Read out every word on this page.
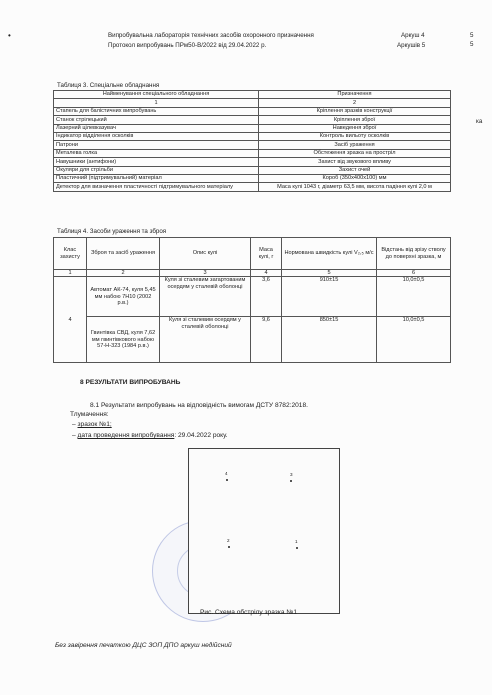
•	5
5
ка
Випробувальна лабораторія технічних засобів охоронного призначення
Протокол випробувань ПРм50-В/2022 від 29.04.2022 р.
Аркуш 4
Аркушів 5
Таблиця 3. Спеціальне обладнання
Найменування спеціального обладнання	Призначення
1	2
Стапель для балістичних випробувань	Кріплення зразків конструкції
Станок стрілецький	Кріплення зброї
Лазерний цілевказувач	Наведення зброї
Індикатор відділення осколків	Контроль вильоту осколків
Патрони	Засіб ураження
Металева голка	Обстеження зразка на простріл
Навушники (антифони)	Захист від звукового впливу
Окуляри для стрільби	Захист очей
Пластичний (підтримувальний) матеріал	Короб (350х400х100) мм
Детектор для визначення пластичності підтримувального матеріалу	Маса кулі 1043 г, діаметр 63,5 мм, висота падіння кулі 2,0 м
Таблиця 4. Засоби ураження та зброя
Клас захисту	Зброя та засіб ураження	Опис кулі	Маса кулі, г	Нормована швидкість кулі V₂,₅ м/с	Відстань від зрізу стволу до поверхні зразка, м
1	2	3	4	5	6
4	Автомат АК-74, куля 5,45 мм набою 7Н10 (2002 р.в.)	Куля зі сталевим загартованим осердям у сталевій оболонці	3,6	910±15	10,0±0,5
	Гвинтівка СВД, куля 7,62 мм гвинтівкового набою 57-Н-323 (1984 р.в.)	Куля зі сталевим осердям у сталевій оболонці	9,6	850±15	10,0±0,5
8 РЕЗУЛЬТАТИ ВИПРОБУВАНЬ
8.1 Результати випробувань на відповідність вимогам ДСТУ 8782:2018.
Тлумачення:
– зразок №1;
– дата проведення випробування: 29.04.2022 року.
4	3
2	1
Рис. Схема обстрілу зразка №1
Без завірення печаткою ДЦС ЗОП ДПО аркуш недійсний
